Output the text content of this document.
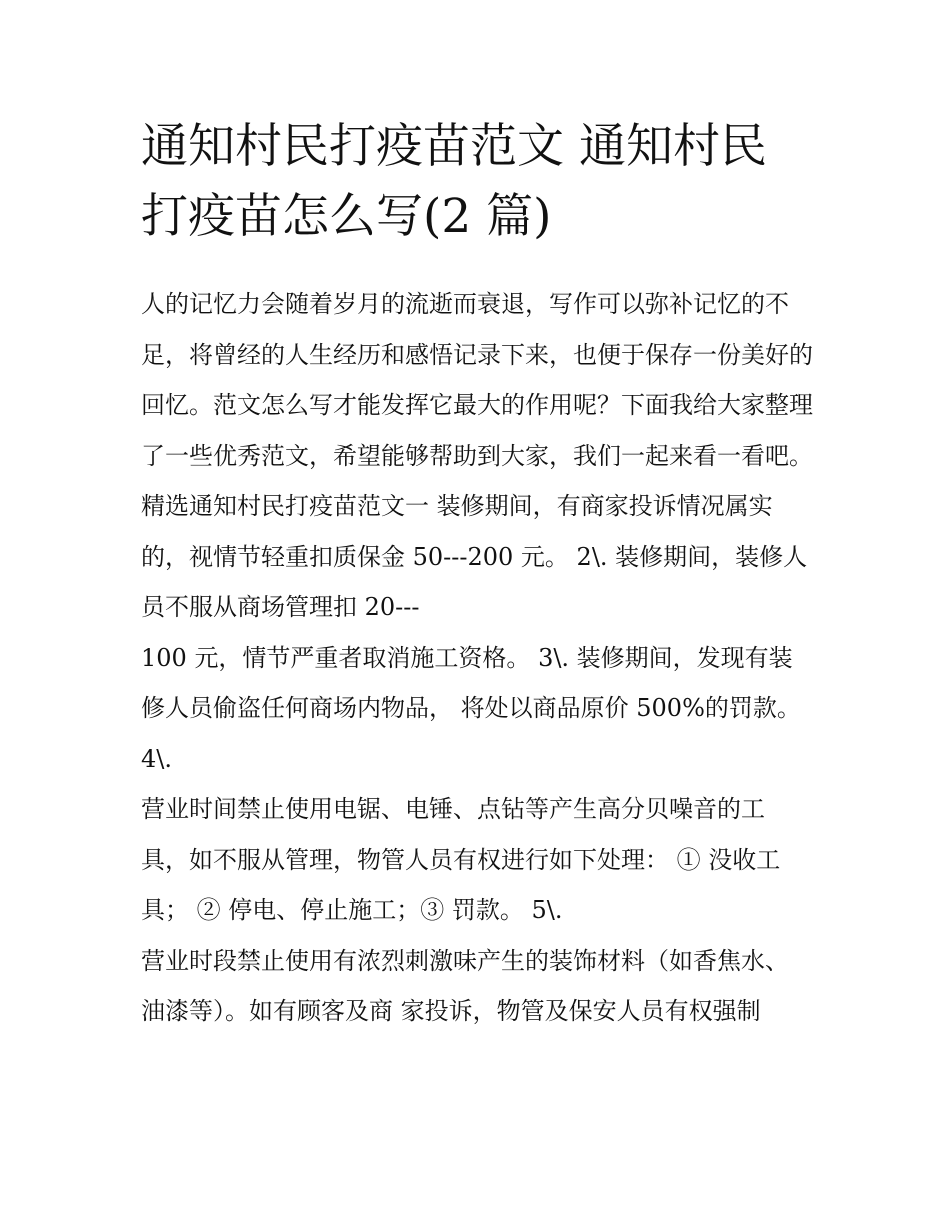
通知村民打疫苗范文 通知村民打疫苗怎么写(2 篇)

人的记忆力会随着岁月的流逝而衰退，写作可以弥补记忆的不足，将曾经的人生经历和感悟记录下来，也便于保存一份美好的回忆。范文怎么写才能发挥它最大的作用呢？下面我给大家整理了一些优秀范文，希望能够帮助到大家，我们一起来看一看吧。

精选通知村民打疫苗范文一 装修期间，有商家投诉情况属实
的，视情节轻重扣质保金 50---200 元。 2\. 装修期间，装修人
员不服从商场管理扣 20---
100 元，情节严重者取消施工资格。 3\. 装修期间，发现有装
修人员偷盗任何商场内物品， 将处以商品原价 500%的罚款。
4\.
营业时间禁止使用电锯、电锤、点钻等产生高分贝噪音的工
具，如不服从管理，物管人员有权进行如下处理： ① 没收工
具； ② 停电、停止施工；③ 罚款。 5\.
营业时段禁止使用有浓烈刺激味产生的装饰材料（如香焦水、
油漆等）。如有顾客及商 家投诉，物管及保安人员有权强制
